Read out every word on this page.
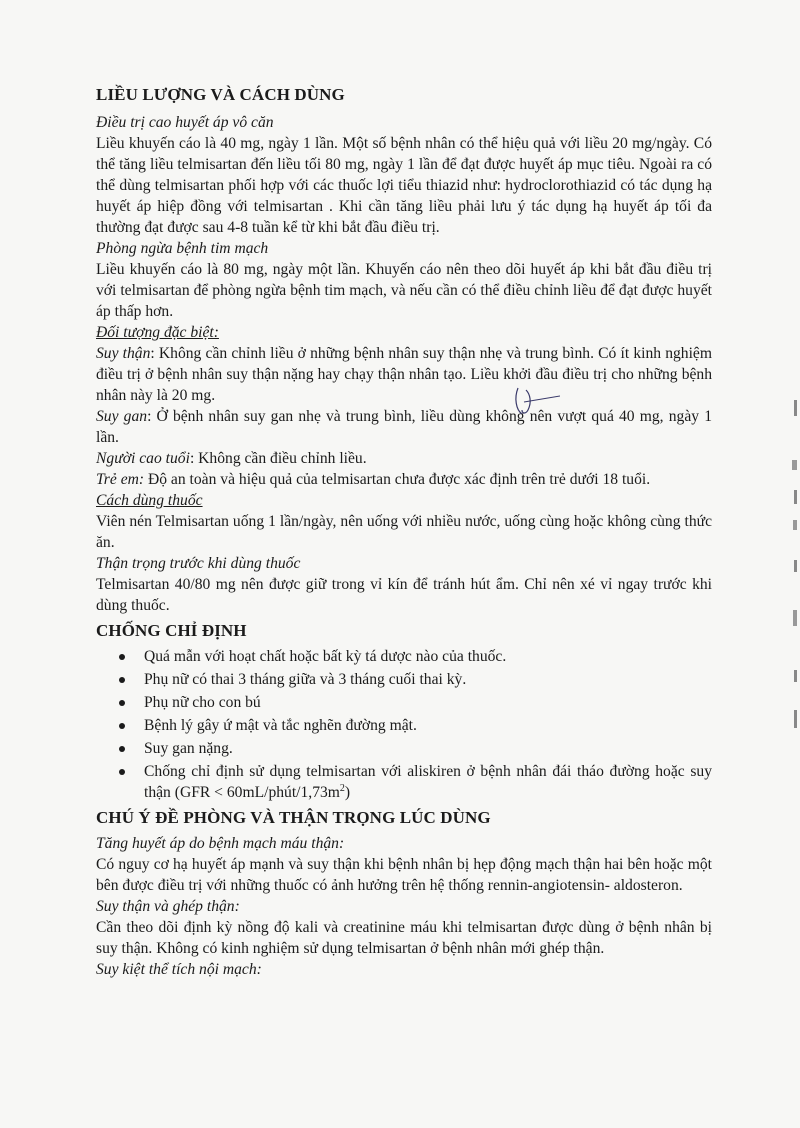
LIỀU LƯỢNG VÀ CÁCH DÙNG
Điều trị cao huyết áp vô căn

Liều khuyến cáo là 40 mg, ngày 1 lần. Một số bệnh nhân có thể hiệu quả với liều 20 mg/ngày. Có thể tăng liều telmisartan đến liều tối 80 mg, ngày 1 lần để đạt được huyết áp mục tiêu. Ngoài ra có thể dùng telmisartan phối hợp với các thuốc lợi tiểu thiazid như: hydroclorothiazid có tác dụng hạ huyết áp hiệp đồng với telmisartan . Khi cần tăng liều phải lưu ý tác dụng hạ huyết áp tối đa thường đạt được sau 4-8 tuần kể từ khi bắt đầu điều trị.

Phòng ngừa bệnh tim mạch

Liều khuyến cáo là 80 mg, ngày một lần. Khuyến cáo nên theo dõi huyết áp khi bắt đầu điều trị với telmisartan để phòng ngừa bệnh tim mạch, và nếu cần có thể điều chỉnh liều để đạt được huyết áp thấp hơn.

Đối tượng đặc biệt:

Suy thận: Không cần chỉnh liều ở những bệnh nhân suy thận nhẹ và trung bình. Có ít kinh nghiệm điều trị ở bệnh nhân suy thận nặng hay chạy thận nhân tạo. Liều khởi đầu điều trị cho những bệnh nhân này là 20 mg.

Suy gan: Ở bệnh nhân suy gan nhẹ và trung bình, liều dùng không nên vượt quá 40 mg, ngày 1 lần.

Người cao tuổi: Không cần điều chỉnh liều.

Trẻ em: Độ an toàn và hiệu quả của telmisartan chưa được xác định trên trẻ dưới 18 tuổi.

Cách dùng thuốc

Viên nén Telmisartan uống 1 lần/ngày, nên uống với nhiều nước, uống cùng hoặc không cùng thức ăn.

Thận trọng trước khi dùng thuốc

Telmisartan 40/80 mg nên được giữ trong vỉ kín để tránh hút ẩm. Chỉ nên xé vỉ ngay trước khi dùng thuốc.

CHỐNG CHỈ ĐỊNH
Quá mẫn với hoạt chất hoặc bất kỳ tá dược nào của thuốc.
Phụ nữ có thai 3 tháng giữa và 3 tháng cuối thai kỳ.
Phụ nữ cho con bú
Bệnh lý gây ứ mật và tắc nghẽn đường mật.
Suy gan nặng.
Chống chỉ định sử dụng telmisartan với aliskiren ở bệnh nhân đái tháo đường hoặc suy thận $(GFR < 60mL/phút/1,73m^2)$
CHÚ Ý ĐỀ PHÒNG VÀ THẬN TRỌNG LÚC DÙNG
Tăng huyết áp do bệnh mạch máu thận:

Có nguy cơ hạ huyết áp mạnh và suy thận khi bệnh nhân bị hẹp động mạch thận hai bên hoặc một bên được điều trị với những thuốc có ảnh hưởng trên hệ thống rennin-angiotensin- aldosteron.

Suy thận và ghép thận:

Cần theo dõi định kỳ nồng độ kali và creatinine máu khi telmisartan được dùng ở bệnh nhân bị suy thận. Không có kinh nghiệm sử dụng telmisartan ở bệnh nhân mới ghép thận.

Suy kiệt thể tích nội mạch:
